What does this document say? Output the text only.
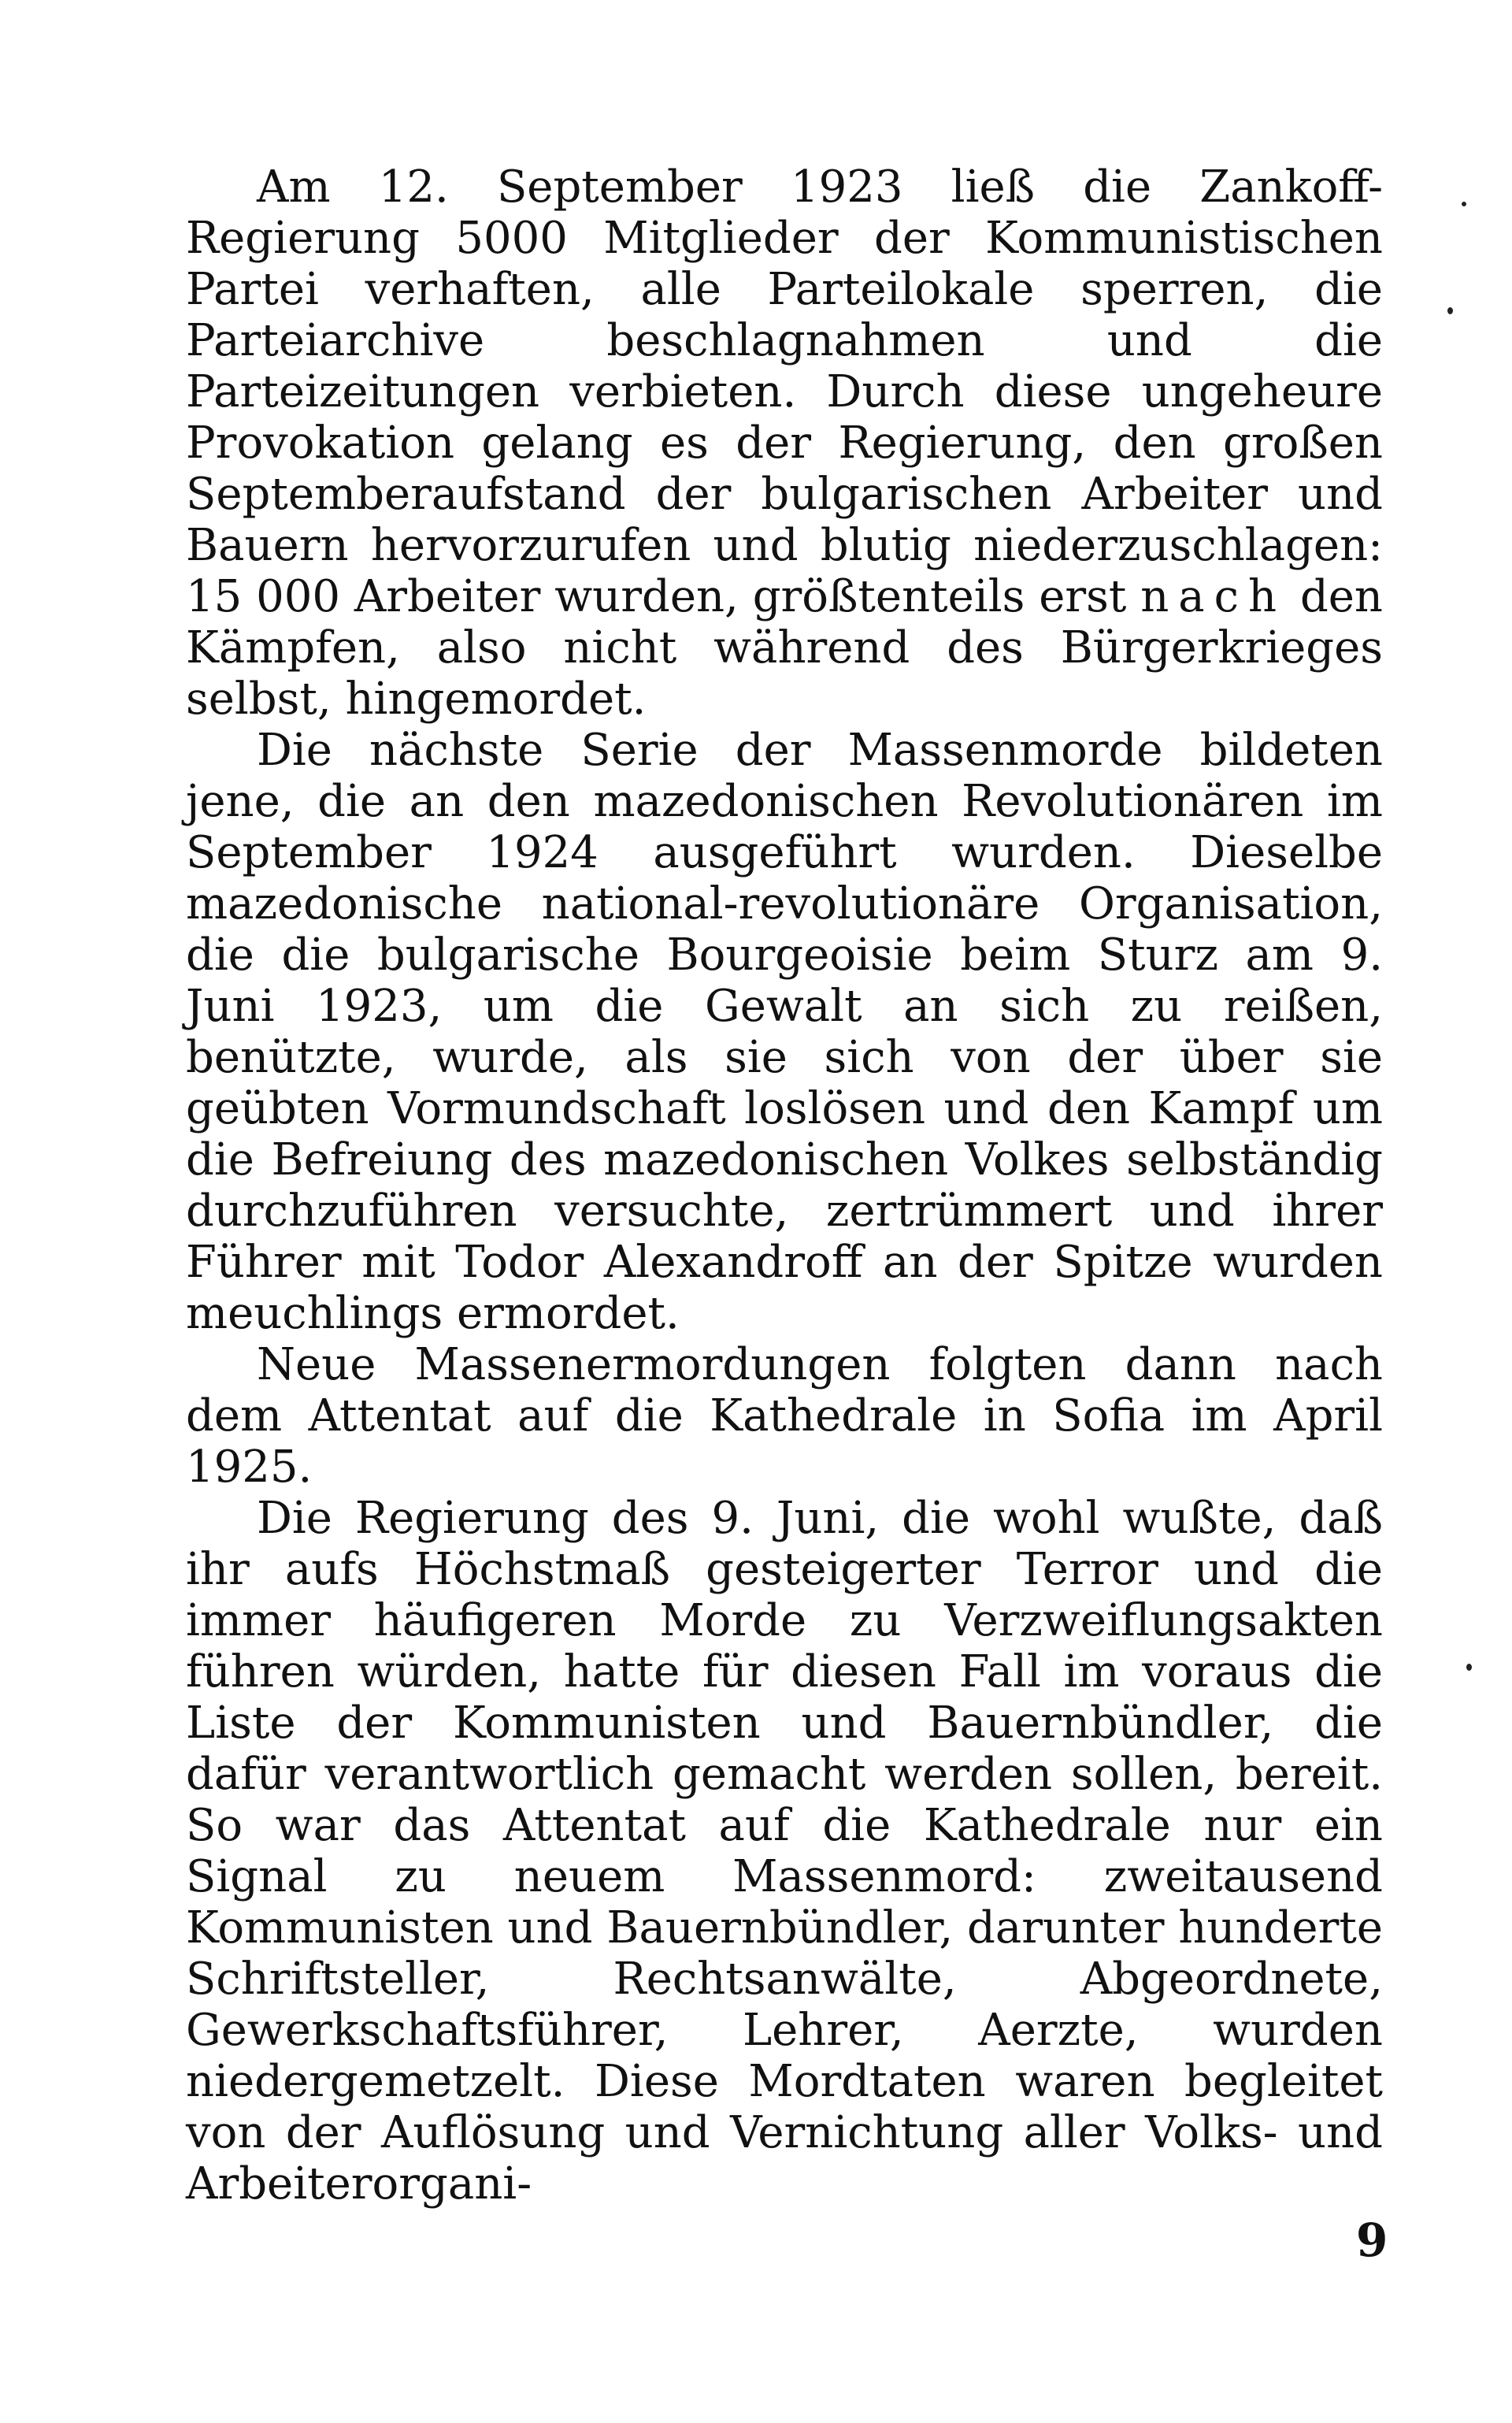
Am 12. September 1923 ließ die Zankoff-Regierung 5000 Mitglieder der Kommunistischen Partei verhaften, alle Parteilokale sperren, die Parteiarchive beschlagnahmen und die Parteizeitungen verbieten. Durch diese ungeheure Provokation gelang es der Regierung, den großen Septemberaufstand der bulgarischen Arbeiter und Bauern hervorzurufen und blutig niederzuschlagen: 15 000 Arbeiter wurden, größtenteils erst nach den Kämpfen, also nicht während des Bürgerkrieges selbst, hingemordet.

Die nächste Serie der Massenmorde bildeten jene, die an den mazedonischen Revolutionären im September 1924 ausgeführt wurden. Dieselbe mazedonische national-revolutionäre Organisation, die die bulgarische Bourgeoisie beim Sturz am 9. Juni 1923, um die Gewalt an sich zu reißen, benützte, wurde, als sie sich von der über sie geübten Vormundschaft loslösen und den Kampf um die Befreiung des mazedonischen Volkes selbständig durchzuführen versuchte, zertrümmert und ihrer Führer mit Todor Alexandroff an der Spitze wurden meuchlings ermordet.

Neue Massenermordungen folgten dann nach dem Attentat auf die Kathedrale in Sofia im April 1925.

Die Regierung des 9. Juni, die wohl wußte, daß ihr aufs Höchstmaß gesteigerter Terror und die immer häufigeren Morde zu Verzweiflungsakten führen würden, hatte für diesen Fall im voraus die Liste der Kommunisten und Bauernbündler, die dafür verantwortlich gemacht werden sollen, bereit. So war das Attentat auf die Kathedrale nur ein Signal zu neuem Massenmord: zweitausend Kommunisten und Bauernbündler, darunter hunderte Schriftsteller, Rechtsanwälte, Abgeordnete, Gewerkschaftsführer, Lehrer, Aerzte, wurden niedergemetzelt. Diese Mordtaten waren begleitet von der Auflösung und Vernichtung aller Volks- und Arbeiterorgani-

9
